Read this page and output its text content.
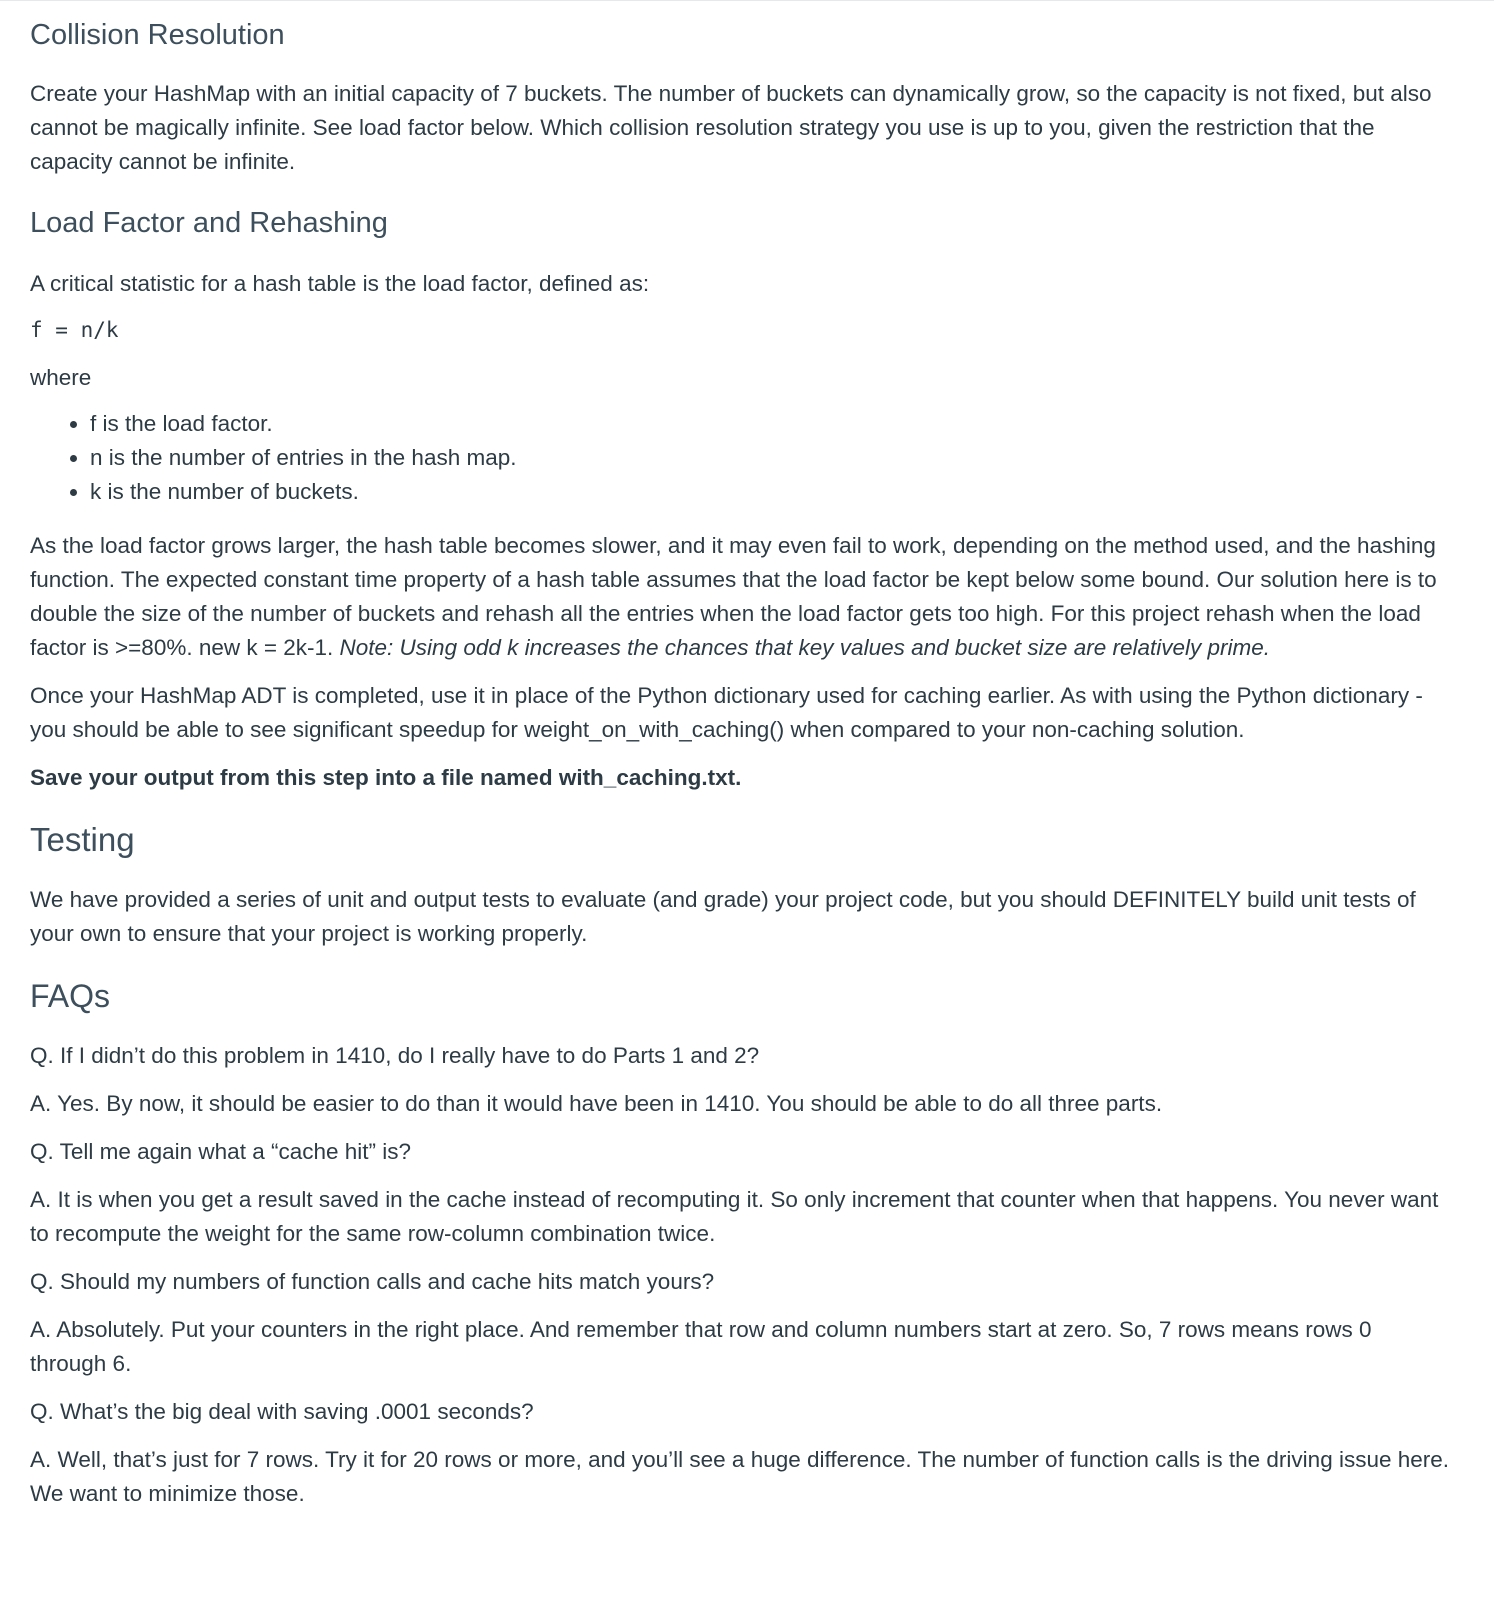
Collision Resolution

Create your HashMap with an initial capacity of 7 buckets. The number of buckets can dynamically grow, so the capacity is not fixed, but also cannot be magically infinite. See load factor below. Which collision resolution strategy you use is up to you, given the restriction that the capacity cannot be infinite.

Load Factor and Rehashing

A critical statistic for a hash table is the load factor, defined as:

f = n/k

where

• f is the load factor.
• n is the number of entries in the hash map.
• k is the number of buckets.

As the load factor grows larger, the hash table becomes slower, and it may even fail to work, depending on the method used, and the hashing function. The expected constant time property of a hash table assumes that the load factor be kept below some bound. Our solution here is to double the size of the number of buckets and rehash all the entries when the load factor gets too high. For this project rehash when the load factor is >=80%. new k = 2k-1. Note: Using odd k increases the chances that key values and bucket size are relatively prime.

Once your HashMap ADT is completed, use it in place of the Python dictionary used for caching earlier. As with using the Python dictionary - you should be able to see significant speedup for weight_on_with_caching() when compared to your non-caching solution.

Save your output from this step into a file named with_caching.txt.

Testing

We have provided a series of unit and output tests to evaluate (and grade) your project code, but you should DEFINITELY build unit tests of your own to ensure that your project is working properly.

FAQs

Q. If I didn’t do this problem in 1410, do I really have to do Parts 1 and 2?

A. Yes. By now, it should be easier to do than it would have been in 1410. You should be able to do all three parts.

Q. Tell me again what a “cache hit” is?

A. It is when you get a result saved in the cache instead of recomputing it. So only increment that counter when that happens. You never want to recompute the weight for the same row-column combination twice.

Q. Should my numbers of function calls and cache hits match yours?

A. Absolutely. Put your counters in the right place. And remember that row and column numbers start at zero. So, 7 rows means rows 0 through 6.

Q. What’s the big deal with saving .0001 seconds?

A. Well, that’s just for 7 rows. Try it for 20 rows or more, and you’ll see a huge difference. The number of function calls is the driving issue here. We want to minimize those.
